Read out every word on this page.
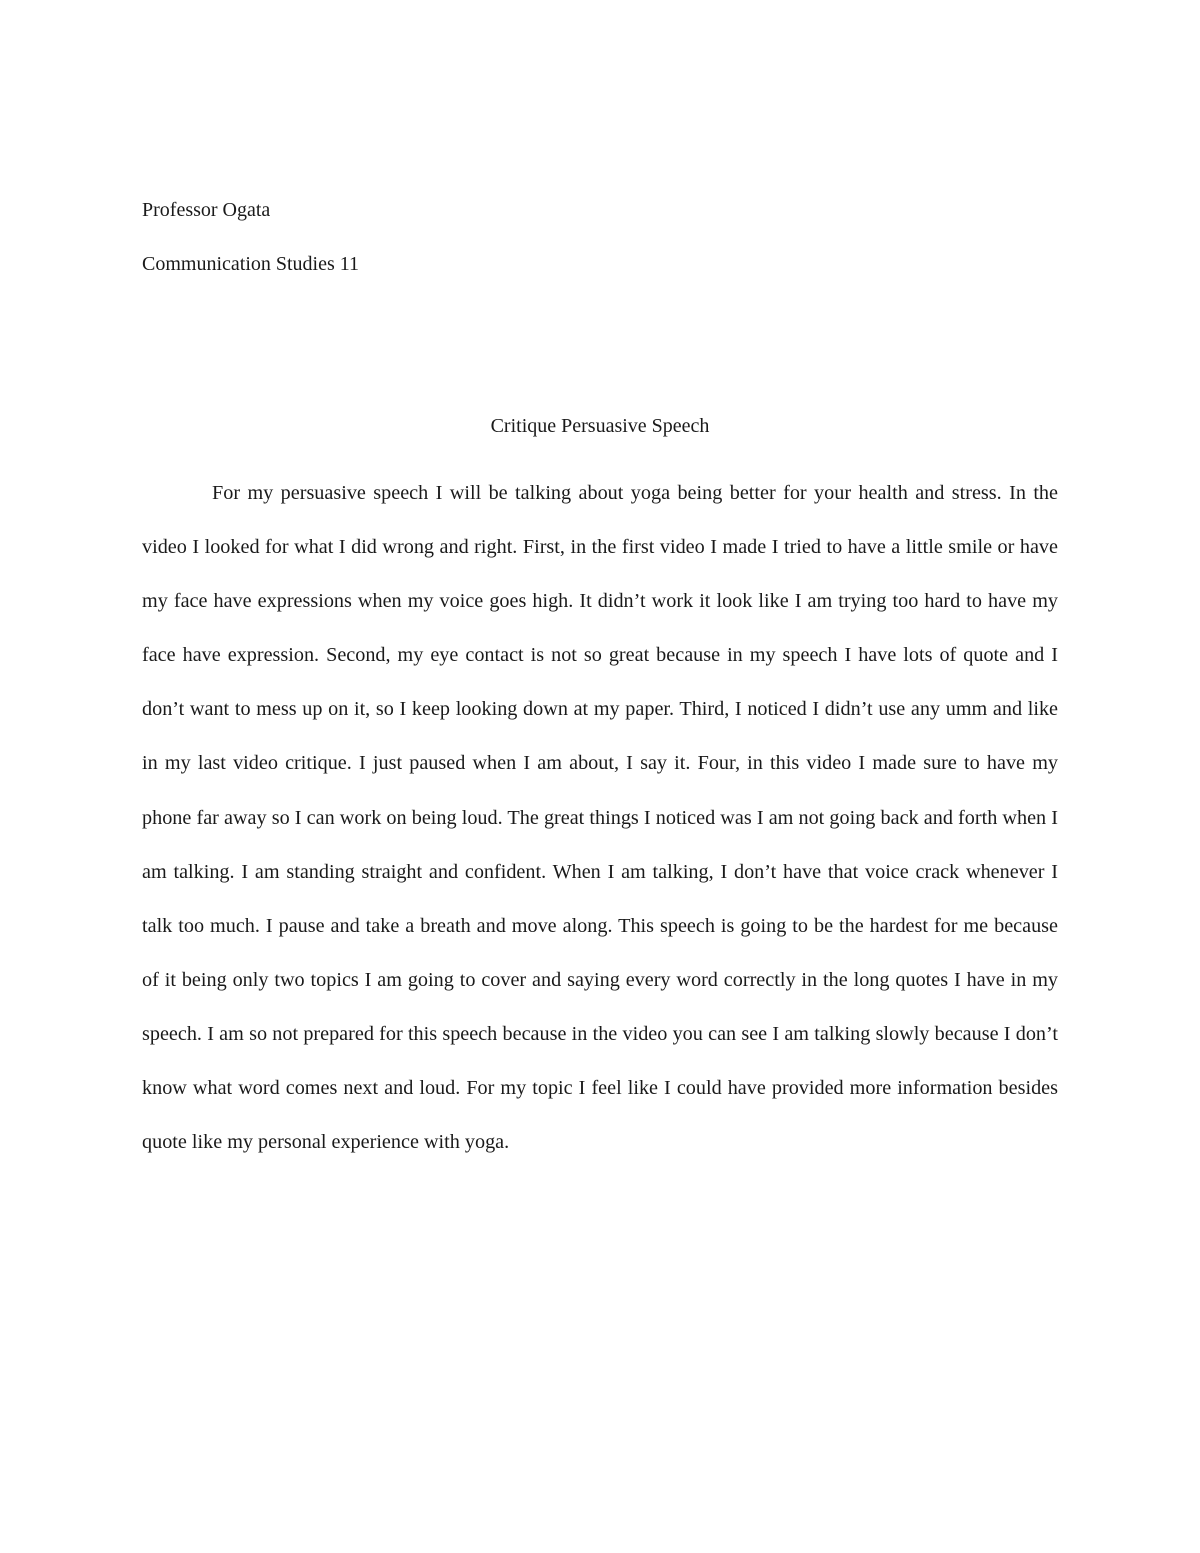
Professor Ogata
Communication Studies 11
Critique Persuasive Speech

For my persuasive speech I will be talking about yoga being better for your health and stress. In the video I looked for what I did wrong and right. First, in the first video I made I tried to have a little smile or have my face have expressions when my voice goes high. It didn’t work it look like I am trying too hard to have my face have expression. Second, my eye contact is not so great because in my speech I have lots of quote and I don’t want to mess up on it, so I keep looking down at my paper. Third, I noticed I didn’t use any umm and like in my last video critique. I just paused when I am about, I say it. Four, in this video I made sure to have my phone far away so I can work on being loud. The great things I noticed was I am not going back and forth when I am talking. I am standing straight and confident. When I am talking, I don’t have that voice crack whenever I talk too much. I pause and take a breath and move along. This speech is going to be the hardest for me because of it being only two topics I am going to cover and saying every word correctly in the long quotes I have in my speech. I am so not prepared for this speech because in the video you can see I am talking slowly because I don’t know what word comes next and loud. For my topic I feel like I could have provided more information besides quote like my personal experience with yoga.
